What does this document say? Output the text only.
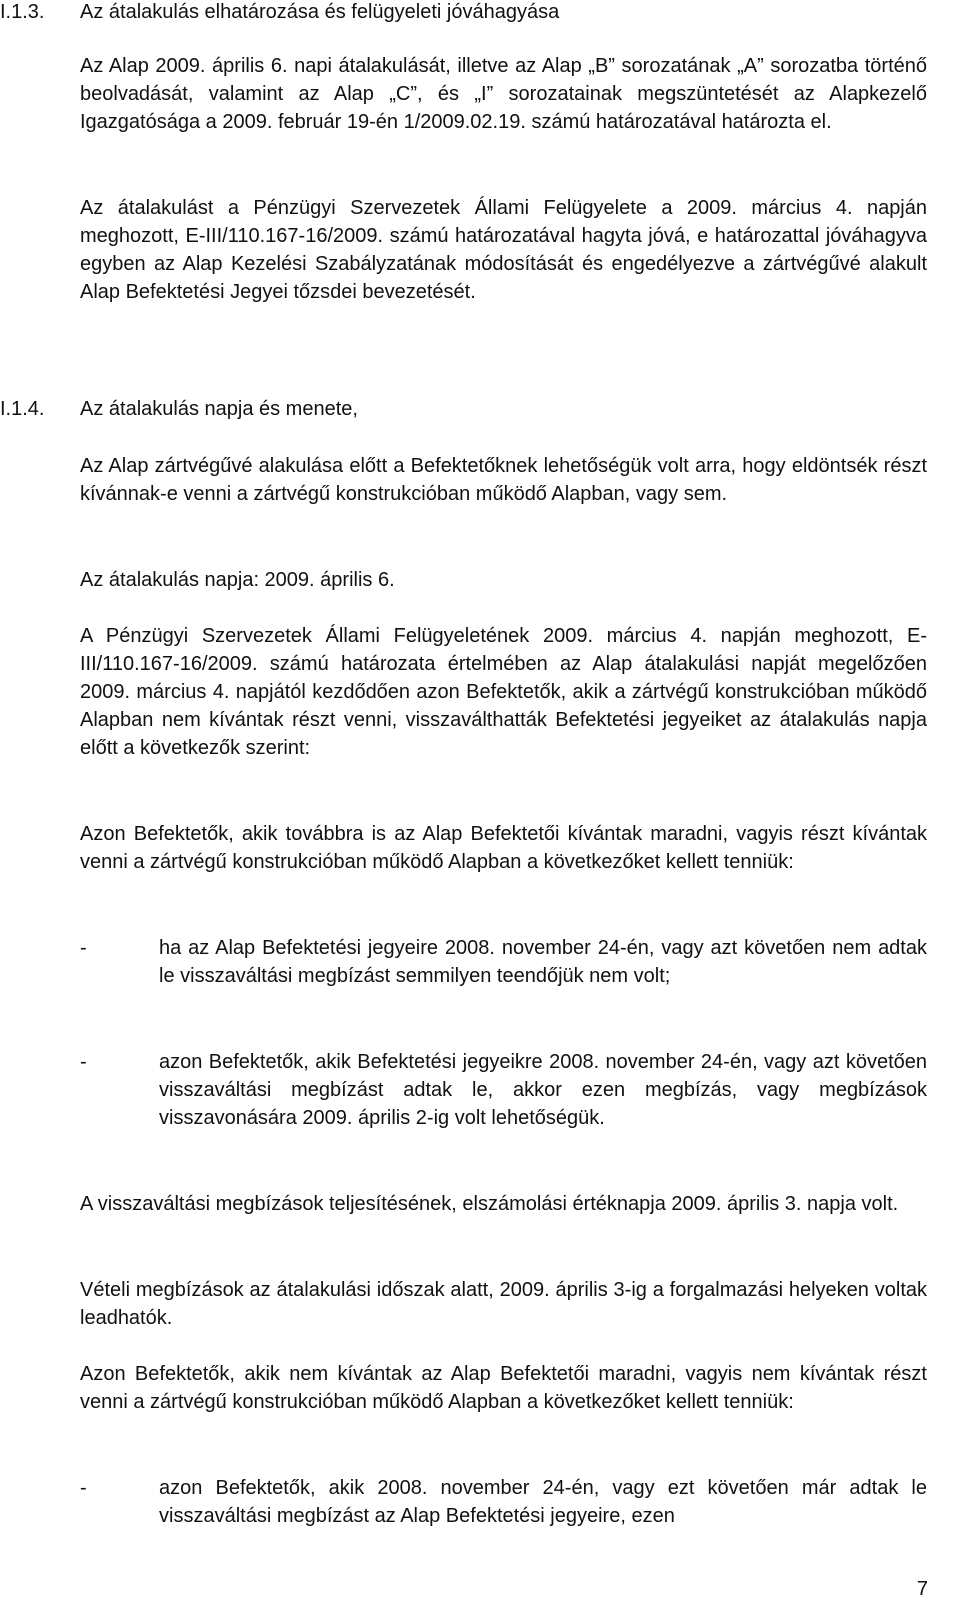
I.1.3. Az átalakulás elhatározása és felügyeleti jóváhagyása

Az Alap 2009. április 6. napi átalakulását, illetve az Alap „B” sorozatának „A” sorozatba történő beolvadását, valamint az Alap „C”, és „I” sorozatainak megszüntetését az Alapkezelő Igazgatósága a 2009. február 19-én 1/2009.02.19. számú határozatával határozta el.

Az átalakulást a Pénzügyi Szervezetek Állami Felügyelete a 2009. március 4. napján meghozott, E-III/110.167-16/2009. számú határozatával hagyta jóvá, e határozattal jóváhagyva egyben az Alap Kezelési Szabályzatának módosítását és engedélyezve a zártvégűvé alakult Alap Befektetési Jegyei tőzsdei bevezetését.

I.1.4. Az átalakulás napja és menete,

Az Alap zártvégűvé alakulása előtt a Befektetőknek lehetőségük volt arra, hogy eldöntsék részt kívánnak-e venni a zártvégű konstrukcióban működő Alapban, vagy sem.

Az átalakulás napja: 2009. április 6.

A Pénzügyi Szervezetek Állami Felügyeletének 2009. március 4. napján meghozott, E-III/110.167-16/2009. számú határozata értelmében az Alap átalakulási napját megelőzően 2009. március 4. napjától kezdődően azon Befektetők, akik a zártvégű konstrukcióban működő Alapban nem kívántak részt venni, visszaválthatták Befektetési jegyeiket az átalakulás napja előtt a következők szerint:

Azon Befektetők, akik továbbra is az Alap Befektetői kívántak maradni, vagyis részt kívántak venni a zártvégű konstrukcióban működő Alapban a következőket kellett tenniük:

-	ha az Alap Befektetési jegyeire 2008. november 24-én, vagy azt követően nem adtak le visszaváltási megbízást semmilyen teendőjük nem volt;

-	azon Befektetők, akik Befektetési jegyeikre 2008. november 24-én, vagy azt követően visszaváltási megbízást adtak le, akkor ezen megbízás, vagy megbízások visszavonására 2009. április 2-ig volt lehetőségük.

A visszaváltási megbízások teljesítésének, elszámolási értéknapja 2009. április 3. napja volt.

Vételi megbízások az átalakulási időszak alatt, 2009. április 3-ig a forgalmazási helyeken voltak leadhatók.

Azon Befektetők, akik nem kívántak az Alap Befektetői maradni, vagyis nem kívántak részt venni a zártvégű konstrukcióban működő Alapban a következőket kellett tenniük:

-	azon Befektetők, akik 2008. november 24-én, vagy ezt követően már adtak le visszaváltási megbízást az Alap Befektetési jegyeire, ezen

7
